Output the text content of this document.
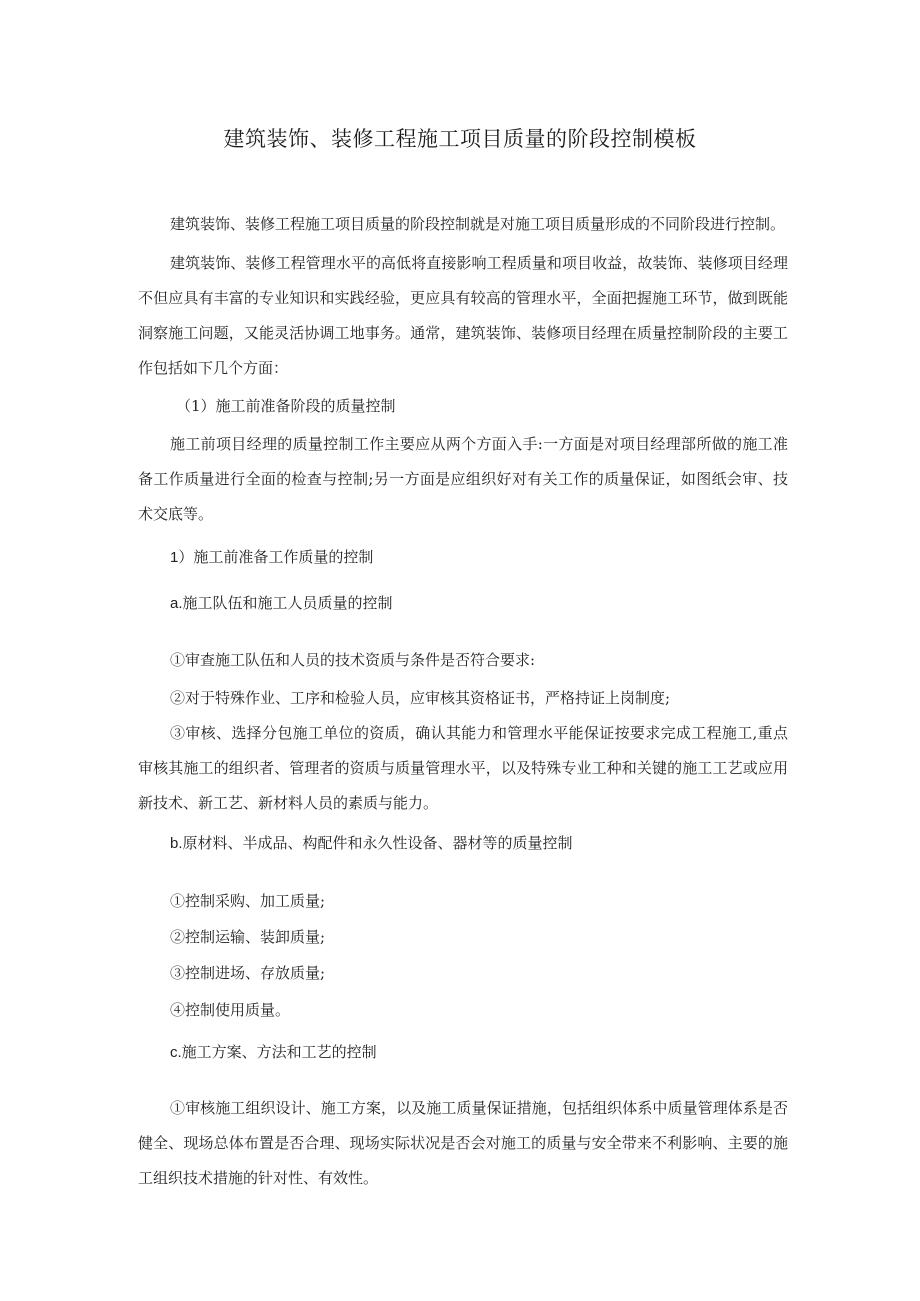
建筑装饰、装修工程施工项目质量的阶段控制模板

建筑装饰、装修工程施工项目质量的阶段控制就是对施工项目质量形成的不同阶段进行控制。

建筑装饰、装修工程管理水平的高低将直接影响工程质量和项目收益，故装饰、装修项目经理不但应具有丰富的专业知识和实践经验，更应具有较高的管理水平，全面把握施工环节，做到既能洞察施工问题，又能灵活协调工地事务。通常，建筑装饰、装修项目经理在质量控制阶段的主要工作包括如下几个方面：

（1）施工前准备阶段的质量控制

施工前项目经理的质量控制工作主要应从两个方面入手:一方面是对项目经理部所做的施工准备工作质量进行全面的检查与控制;另一方面是应组织好对有关工作的质量保证，如图纸会审、技术交底等。

1）施工前准备工作质量的控制

a.施工队伍和施工人员质量的控制

①审查施工队伍和人员的技术资质与条件是否符合要求:

②对于特殊作业、工序和检验人员，应审核其资格证书，严格持证上岗制度;

③审核、选择分包施工单位的资质，确认其能力和管理水平能保证按要求完成工程施工,重点审核其施工的组织者、管理者的资质与质量管理水平，以及特殊专业工种和关键的施工工艺或应用新技术、新工艺、新材料人员的素质与能力。

b.原材料、半成品、构配件和永久性设备、器材等的质量控制

①控制采购、加工质量;

②控制运输、装卸质量;

③控制进场、存放质量;

④控制使用质量。

c.施工方案、方法和工艺的控制

①审核施工组织设计、施工方案，以及施工质量保证措施，包括组织体系中质量管理体系是否健全、现场总体布置是否合理、现场实际状况是否会对施工的质量与安全带来不利影响、主要的施工组织技术措施的针对性、有效性。
